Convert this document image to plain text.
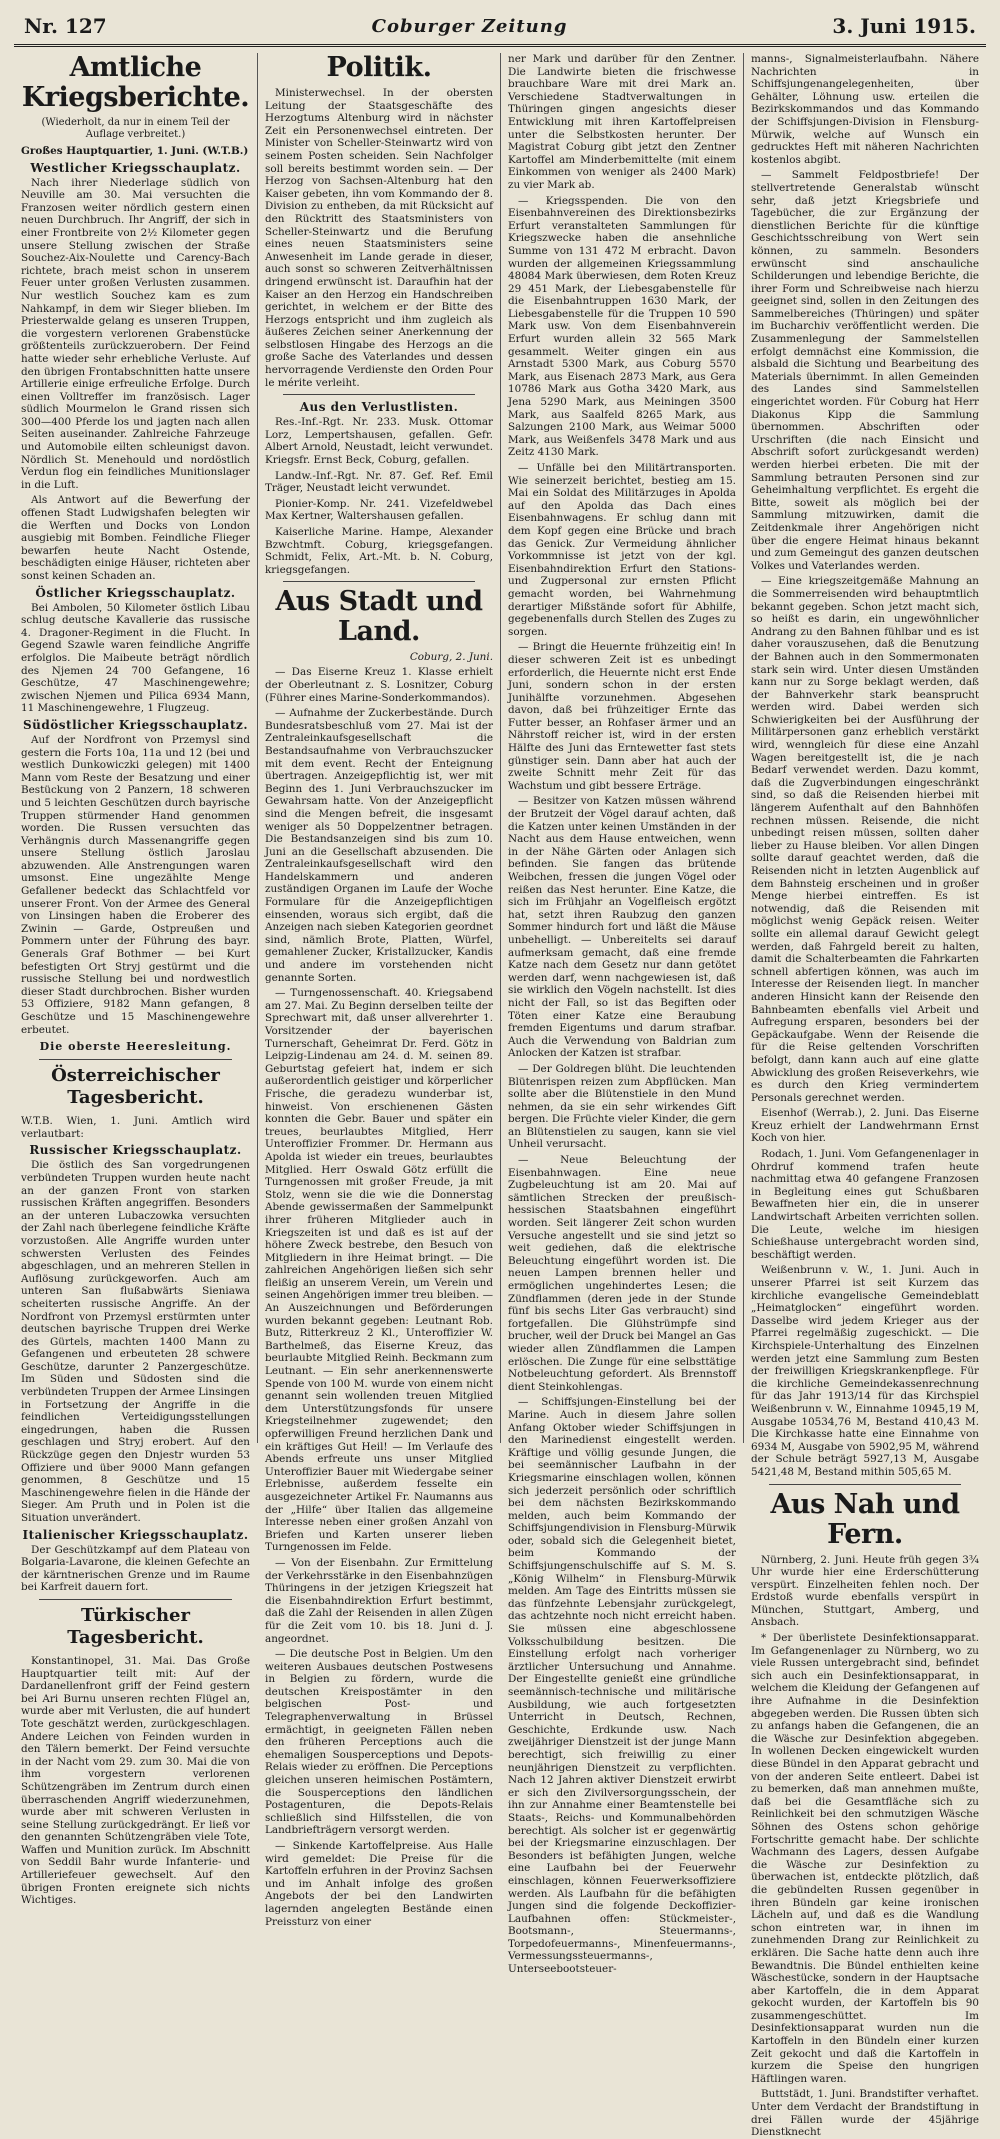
Nr. 127	Coburger Zeitung	3. Juni 1915.
Amtliche Kriegsberichte.
(Wiederholt, da nur in einem Teil der Auflage verbreitet.)

Großes Hauptquartier, 1. Juni. (W.T.B.)

Westlicher Kriegsschauplatz.

Nach ihrer Niederlage südlich von Neuville am 30. Mai versuchten die Franzosen weiter nördlich gestern einen neuen Durchbruch. Ihr Angriff, der sich in einer Frontbreite von 2½ Kilometer gegen unsere Stellung zwischen der Straße Souchez-Aix-Noulette und Carency-Bach richtete, brach meist schon in unserem Feuer unter großen Verlusten zusammen. Nur westlich Souchez kam es zum Nahkampf, in dem wir Sieger blieben. Im Priesterwalde gelang es unseren Truppen, die vorgestern verlorenen Grabenstücke größtenteils zurückzuerobern. Der Feind hatte wieder sehr erhebliche Verluste. Auf den übrigen Frontabschnitten hatte unsere Artillerie einige erfreuliche Erfolge. Durch einen Volltreffer im französisch. Lager südlich Mourmelon le Grand rissen sich 300—400 Pferde los und jagten nach allen Seiten auseinander. Zahlreiche Fahrzeuge und Automobile eilten schleunigst davon. Nördlich St. Menehould und nordöstlich Verdun flog ein feindliches Munitionslager in die Luft.

Als Antwort auf die Bewerfung der offenen Stadt Ludwigshafen belegten wir die Werften und Docks von London ausgiebig mit Bomben. Feindliche Flieger bewarfen heute Nacht Ostende, beschädigten einige Häuser, richteten aber sonst keinen Schaden an.

Östlicher Kriegsschauplatz.

Bei Ambolen, 50 Kilometer östlich Libau schlug deutsche Kavallerie das russische 4. Dragoner-Regiment in die Flucht. In Gegend Szawle waren feindliche Angriffe erfolglos. Die Maibeute beträgt nördlich des Njemen 24 700 Gefangene, 16 Geschütze, 47 Maschinengewehre; zwischen Njemen und Pilica 6934 Mann, 11 Maschinengewehre, 1 Flugzeug.

Südöstlicher Kriegsschauplatz.

Auf der Nordfront von Przemysl sind gestern die Forts 10a, 11a und 12 (bei und westlich Dunkowiczki gelegen) mit 1400 Mann vom Reste der Besatzung und einer Bestückung von 2 Panzern, 18 schweren und 5 leichten Geschützen durch bayrische Truppen stürmender Hand genommen worden. Die Russen versuchten das Verhängnis durch Massenangriffe gegen unsere Stellung östlich Jaroslau abzuwenden. Alle Anstrengungen waren umsonst. Eine ungezählte Menge Gefallener bedeckt das Schlachtfeld vor unserer Front. Von der Armee des General von Linsingen haben die Eroberer des Zwinin — Garde, Ostpreußen und Pommern unter der Führung des bayr. Generals Graf Bothmer — bei Kurt befestigten Ort Stryj gestürmt und die russische Stellung bei und nordwestlich dieser Stadt durchbrochen. Bisher wurden 53 Offiziere, 9182 Mann gefangen, 8 Geschütze und 15 Maschinengewehre erbeutet.

Die oberste Heeresleitung.
Österreichischer Tagesbericht.

W.T.B. Wien, 1. Juni. Amtlich wird verlautbart:

Russischer Kriegsschauplatz.

Die östlich des San vorgedrungenen verbündeten Truppen wurden heute nacht an der ganzen Front von starken russischen Kräften angegriffen. Besonders an der unteren Lubaczowka versuchten der Zahl nach überlegene feindliche Kräfte vorzustoßen. Alle Angriffe wurden unter schwersten Verlusten des Feindes abgeschlagen, und an mehreren Stellen in Auflösung zurückgeworfen. Auch am unteren San flußabwärts Sieniawa scheiterten russische Angriffe. An der Nordfront von Przemysl erstürmten unter deutschen bayrische Truppen drei Werke des Gürtels, machten 1400 Mann zu Gefangenen und erbeuteten 28 schwere Geschütze, darunter 2 Panzergeschütze. Im Süden und Südosten sind die verbündeten Truppen der Armee Linsingen in Fortsetzung der Angriffe in die feindlichen Verteidigungsstellungen eingedrungen, haben die Russen geschlagen und Stryj erobert. Auf den Rückzüge gegen den Dnjestr wurden 53 Offiziere und über 9000 Mann gefangen genommen, 8 Geschütze und 15 Maschinengewehre fielen in die Hände der Sieger. Am Pruth und in Polen ist die Situation unverändert.

Italienischer Kriegsschauplatz.

Der Geschützkampf auf dem Plateau von Bolgaria-Lavarone, die kleinen Gefechte an der kärntnerischen Grenze und im Raume bei Karfreit dauern fort.

Türkischer Tagesbericht.

Konstantinopel, 31. Mai. Das Große Hauptquartier teilt mit: Auf der Dardanellenfront griff der Feind gestern bei Ari Burnu unseren rechten Flügel an, wurde aber mit Verlusten, die auf hundert Tote geschätzt werden, zurückgeschlagen. Andere Leichen von Feinden wurden in den Tälern bemerkt. Der Feind versuchte in der Nacht vom 29. zum 30. Mai die von ihm vorgestern verlorenen Schützengräben im Zentrum durch einen überraschenden Angriff wiederzunehmen, wurde aber mit schweren Verlusten in seine Stellung zurückgedrängt. Er ließ vor den genannten Schützengräben viele Tote, Waffen und Munition zurück. Im Abschnitt von Seddil Bahr wurde Infanterie- und Artilleriefeuer gewechselt. Auf den übrigen Fronten ereignete sich nichts Wichtiges.

Politik.

Ministerwechsel. In der obersten Leitung der Staatsgeschäfte des Herzogtums Altenburg wird in nächster Zeit ein Personenwechsel eintreten. Der Minister von Scheller-Steinwartz wird von seinem Posten scheiden. Sein Nachfolger soll bereits bestimmt worden sein. — Der Herzog von Sachsen-Altenburg hat den Kaiser gebeten, ihn vom Kommando der 8. Division zu entheben, da mit Rücksicht auf den Rücktritt des Staatsministers von Scheller-Steinwartz und die Berufung eines neuen Staatsministers seine Anwesenheit im Lande gerade in dieser, auch sonst so schweren Zeitverhältnissen dringend erwünscht ist. Daraufhin hat der Kaiser an den Herzog ein Handschreiben gerichtet, in welchem er der Bitte des Herzogs entspricht und ihm zugleich als äußeres Zeichen seiner Anerkennung der selbstlosen Hingabe des Herzogs an die große Sache des Vaterlandes und dessen hervorragende Verdienste den Orden Pour le mérite verleiht.

Aus den Verlustlisten.

Res.-Inf.-Rgt. Nr. 233. Musk. Ottomar Lorz, Lempertshausen, gefallen. Gefr. Albert Arnold, Neustadt, leicht verwundet. Kriegsfr. Ernst Beck, Coburg, gefallen.

Landw.-Inf.-Rgt. Nr. 87. Gef. Ref. Emil Träger, Neustadt leicht verwundet.

Pionier-Komp. Nr. 241. Vizefeldwebel Max Kertner, Waltershausen gefallen.

Kaiserliche Marine. Hampe, Alexander Bzwchtmft. Coburg, kriegsgefangen. Schmidt, Felix, Art.-Mt. b. N. Coburg, kriegsgefangen.

Aus Stadt und Land.
Coburg, 2. Juni.

— Das Eiserne Kreuz 1. Klasse erhielt der Oberleutnant z. S. Losnitzer, Coburg (Führer eines Marine-Sonderkommandos).

— Aufnahme der Zuckerbestände. Durch Bundesratsbeschluß vom 27. Mai ist der Zentraleinkaufsgesellschaft die Bestandsaufnahme von Verbrauchszucker mit dem event. Recht der Enteignung übertragen. Anzeigepflichtig ist, wer mit Beginn des 1. Juni Verbrauchszucker im Gewahrsam hatte. Von der Anzeigepflicht sind die Mengen befreit, die insgesamt weniger als 50 Doppelzentner betragen. Die Bestandsanzeigen sind bis zum 10. Juni an die Gesellschaft abzusenden. Die Zentraleinkaufsgesellschaft wird den Handelskammern und anderen zuständigen Organen im Laufe der Woche Formulare für die Anzeigepflichtigen einsenden, woraus sich ergibt, daß die Anzeigen nach sieben Kategorien geordnet sind, nämlich Brote, Platten, Würfel, gemahlener Zucker, Kristallzucker, Kandis und andere im vorstehenden nicht genannte Sorten.

— Turngenossenschaft. 40. Kriegsabend am 27. Mai. Zu Beginn derselben teilte der Sprechwart mit, daß unser allverehrter 1. Vorsitzender der bayerischen Turnerschaft, Geheimrat Dr. Ferd. Götz in Leipzig-Lindenau am 24. d. M. seinen 89. Geburtstag gefeiert hat, indem er sich außerordentlich geistiger und körperlicher Frische, die geradezu wunderbar ist, hinweist. Von erschienenen Gästen konnten die Gebr. Bauer und später ein treues, beurlaubtes Mitglied, Herr Unteroffizier Frommer. Dr. Hermann aus Apolda ist wieder ein treues, beurlaubtes Mitglied. Herr Oswald Götz erfüllt die Turngenossen mit großer Freude, ja mit Stolz, wenn sie die wie die Donnerstag Abende gewissermaßen der Sammelpunkt ihrer früheren Mitglieder auch in Kriegszeiten ist und daß es ist auf der höhere Zweck bestrebe, den Besuch von Mitgliedern in ihre Heimat bringt. — Die zahlreichen Angehörigen ließen sich sehr fleißig an unserem Verein, um Verein und seinen Angehörigen immer treu bleiben. — An Auszeichnungen und Beförderungen wurden bekannt gegeben: Leutnant Rob. Butz, Ritterkreuz 2 Kl., Unteroffizier W. Barthelmeß, das Eiserne Kreuz, das beurlaubte Mitglied Reinh. Beckmann zum Leutnant. — Ein sehr anerkennenswerte Spende von 100 M. wurde von einem nicht genannt sein wollenden treuen Mitglied dem Unterstützungsfonds für unsere Kriegsteilnehmer zugewendet; den opferwilligen Freund herzlichen Dank und ein kräftiges Gut Heil! — Im Verlaufe des Abends erfreute uns unser Mitglied Unteroffizier Bauer mit Wiedergabe seiner Erlebnisse, außerdem fesselte ein ausgezeichneter Artikel Fr. Naumanns aus der „Hilfe“ über Italien das allgemeine Interesse neben einer großen Anzahl von Briefen und Karten unserer lieben Turngenossen im Felde.

— Von der Eisenbahn. Zur Ermittelung der Verkehrsstärke in den Eisenbahnzügen Thüringens in der jetzigen Kriegszeit hat die Eisenbahndirektion Erfurt bestimmt, daß die Zahl der Reisenden in allen Zügen für die Zeit vom 10. bis 18. Juni d. J. angeordnet.

— Die deutsche Post in Belgien. Um den weiteren Ausbaues deutschen Postwesens in Belgien zu fördern, wurde die deutschen Kreispostämter in den belgischen Post- und Telegraphenverwaltung in Brüssel ermächtigt, in geeigneten Fällen neben den früheren Perceptions auch die ehemaligen Sousperceptions und Depots-Relais wieder zu eröffnen. Die Perceptions gleichen unseren heimischen Postämtern, die Sousperceptions den ländlichen Postagenturen, die Depots-Relais schließlich sind Hilfsstellen, die von Landbriefträgern versorgt werden.

— Sinkende Kartoffelpreise. Aus Halle wird gemeldet: Die Preise für die Kartoffeln erfuhren in der Provinz Sachsen und im Anhalt infolge des großen Angebots der bei den Landwirten lagernden angelegten Bestände einen Preissturz von einer

ner Mark und darüber für den Zentner. Die Landwirte bieten die frischwesse brauchbare Ware mit drei Mark an. Verschiedene Stadtverwaltungen in Thüringen gingen angesichts dieser Entwicklung mit ihren Kartoffelpreisen unter die Selbstkosten herunter. Der Magistrat Coburg gibt jetzt den Zentner Kartoffel am Minderbemittelte (mit einem Einkommen von weniger als 2400 Mark) zu vier Mark ab.

— Kriegsspenden. Die von den Eisenbahnvereinen des Direktionsbezirks Erfurt veranstalteten Sammlungen für Kriegszwecke haben die ansehnliche Summe von 131 472 M erbracht. Davon wurden der allgemeinen Kriegssammlung 48084 Mark überwiesen, dem Roten Kreuz 29 451 Mark, der Liebesgabenstelle für die Eisenbahntruppen 1630 Mark, der Liebesgabenstelle für die Truppen 10 590 Mark usw. Von dem Eisenbahnverein Erfurt wurden allein 32 565 Mark gesammelt. Weiter gingen ein aus Arnstadt 5300 Mark, aus Coburg 5570 Mark, aus Eisenach 2873 Mark, aus Gera 10786 Mark aus Gotha 3420 Mark, aus Jena 5290 Mark, aus Meiningen 3500 Mark, aus Saalfeld 8265 Mark, aus Salzungen 2100 Mark, aus Weimar 5000 Mark, aus Weißenfels 3478 Mark und aus Zeitz 4130 Mark.

— Unfälle bei den Militärtransporten. Wie seinerzeit berichtet, bestieg am 15. Mai ein Soldat des Militärzuges in Apolda auf den Apolda das Dach eines Eisenbahnwagens. Er schlug dann mit dem Kopf gegen eine Brücke und brach das Genick. Zur Vermeidung ähnlicher Vorkommnisse ist jetzt von der kgl. Eisenbahndirektion Erfurt den Stations- und Zugpersonal zur ernsten Pflicht gemacht worden, bei Wahrnehmung derartiger Mißstände sofort für Abhilfe, gegebenenfalls durch Stellen des Zuges zu sorgen.

— Bringt die Heuernte frühzeitig ein! In dieser schweren Zeit ist es unbedingt erforderlich, die Heuernte nicht erst Ende Juni, sondern schon in der ersten Junihälfte vorzunehmen. Abgesehen davon, daß bei frühzeitiger Ernte das Futter besser, an Rohfaser ärmer und an Nährstoff reicher ist, wird in der ersten Hälfte des Juni das Erntewetter fast stets günstiger sein. Dann aber hat auch der zweite Schnitt mehr Zeit für das Wachstum und gibt bessere Erträge.

— Besitzer von Katzen müssen während der Brutzeit der Vögel darauf achten, daß die Katzen unter keinen Umständen in der Nacht aus dem Hause entweichen, wenn in der Nähe Gärten oder Anlagen sich befinden. Sie fangen das brütende Weibchen, fressen die jungen Vögel oder reißen das Nest herunter. Eine Katze, die sich im Frühjahr an Vogelfleisch ergötzt hat, setzt ihren Raubzug den ganzen Sommer hindurch fort und läßt die Mäuse unbehelligt. — Unbereitelts sei darauf aufmerksam gemacht, daß eine fremde Katze nach dem Gesetz nur dann getötet werden darf, wenn nachgewiesen ist, daß sie wirklich den Vögeln nachstellt. Ist dies nicht der Fall, so ist das Begiften oder Töten einer Katze eine Beraubung fremden Eigentums und darum strafbar. Auch die Verwendung von Baldrian zum Anlocken der Katzen ist strafbar.

— Der Goldregen blüht. Die leuchtenden Blütenrispen reizen zum Abpflücken. Man sollte aber die Blütenstiele in den Mund nehmen, da sie ein sehr wirkendes Gift bergen. Die Früchte vieler Kinder, die gern an Blütenstielen zu saugen, kann sie viel Unheil verursacht.

— Neue Beleuchtung der Eisenbahnwagen. Eine neue Zugbeleuchtung ist am 20. Mai auf sämtlichen Strecken der preußisch-hessischen Staatsbahnen eingeführt worden. Seit längerer Zeit schon wurden Versuche angestellt und sie sind jetzt so weit gediehen, daß die elektrische Beleuchtung eingeführt worden ist. Die neuen Lampen brennen heller und ermöglichen ungehindertes Lesen; die Zündflammen (deren jede in der Stunde fünf bis sechs Liter Gas verbraucht) sind fortgefallen. Die Glühstrümpfe sind brucher, weil der Druck bei Mangel an Gas wieder allen Zündflammen die Lampen erlöschen. Die Zunge für eine selbsttätige Notbeleuchtung gefordert. Als Brennstoff dient Steinkohlengas.

— Schiffsjungen-Einstellung bei der Marine. Auch in diesem Jahre sollen Anfang Oktober wieder Schiffsjungen in den Marinedienst eingestellt werden. Kräftige und völlig gesunde Jungen, die bei seemännischer Laufbahn in der Kriegsmarine einschlagen wollen, können sich jederzeit persönlich oder schriftlich bei dem nächsten Bezirkskommando melden, auch beim Kommando der Schiffsjungendivision in Flensburg-Mürwik oder, sobald sich die Gelegenheit bietet, beim Kommando der Schiffsjungenschulschiffe auf S. M. S. „König Wilhelm“ in Flensburg-Mürwik melden. Am Tage des Eintritts müssen sie das fünfzehnte Lebensjahr zurückgelegt, das achtzehnte noch nicht erreicht haben. Sie müssen eine abgeschlossene Volksschulbildung besitzen. Die Einstellung erfolgt nach vorheriger ärztlicher Untersuchung und Annahme. Der Eingestellte genießt eine gründliche seemännisch-technische und militärische Ausbildung, wie auch fortgesetzten Unterricht in Deutsch, Rechnen, Geschichte, Erdkunde usw. Nach zweijähriger Dienstzeit ist der junge Mann berechtigt, sich freiwillig zu einer neunjährigen Dienstzeit zu verpflichten. Nach 12 Jahren aktiver Dienstzeit erwirbt er sich den Zivilversorgungsschein, der ihn zur Annahme einer Beamtenstelle bei Staats-, Reichs- und Kommunalbehörden berechtigt. Als solcher ist er gegenwärtig bei der Kriegsmarine einzuschlagen. Der Besonders ist befähigten Jungen, welche eine Laufbahn bei der Feuerwehr einschlagen, können Feuerwerksoffiziere werden. Als Laufbahn für die befähigten Jungen sind die folgende Deckoffizier-Laufbahnen offen: Stückmeister-, Bootsmann-, Steuermanns-, Torpedofeuermanns-, Minenfeuermanns-, Vermessungssteuermanns-, Unterseebootsteuer-

manns-, Signalmeisterlaufbahn. Nähere Nachrichten in Schiffsjungenangelegenheiten, über Gehälter, Löhnung usw. erteilen die Bezirkskommandos und das Kommando der Schiffsjungen-Division in Flensburg-Mürwik, welche auf Wunsch ein gedrucktes Heft mit näheren Nachrichten kostenlos abgibt.

— Sammelt Feldpostbriefe! Der stellvertretende Generalstab wünscht sehr, daß jetzt Kriegsbriefe und Tagebücher, die zur Ergänzung der dienstlichen Berichte für die künftige Geschichtsschreibung von Wert sein können, zu sammeln. Besonders erwünscht sind anschauliche Schilderungen und lebendige Berichte, die ihrer Form und Schreibweise nach hierzu geeignet sind, sollen in den Zeitungen des Sammelbereiches (Thüringen) und später im Bucharchiv veröffentlicht werden. Die Zusammenlegung der Sammelstellen erfolgt demnächst eine Kommission, die alsbald die Sichtung und Bearbeitung des Materials übernimmt. In allen Gemeinden des Landes sind Sammelstellen eingerichtet worden. Für Coburg hat Herr Diakonus Kipp die Sammlung übernommen. Abschriften oder Urschriften (die nach Einsicht und Abschrift sofort zurückgesandt werden) werden hierbei erbeten. Die mit der Sammlung betrauten Personen sind zur Geheimhaltung verpflichtet. Es ergeht die Bitte, soweit als möglich bei der Sammlung mitzuwirken, damit die Zeitdenkmale ihrer Angehörigen nicht über die engere Heimat hinaus bekannt und zum Gemeingut des ganzen deutschen Volkes und Vaterlandes werden.

— Eine kriegszeitgemäße Mahnung an die Sommerreisenden wird behauptmtlich bekannt gegeben. Schon jetzt macht sich, so heißt es darin, ein ungewöhnlicher Andrang zu den Bahnen fühlbar und es ist daher vorauszusehen, daß die Benutzung der Bahnen auch in den Sommermonaten stark sein wird. Unter diesen Umständen kann nur zu Sorge beklagt werden, daß der Bahnverkehr stark beansprucht werden wird. Dabei werden sich Schwierigkeiten bei der Ausführung der Militärpersonen ganz erheblich verstärkt wird, wenngleich für diese eine Anzahl Wagen bereitgestellt ist, die je nach Bedarf verwendet werden. Dazu kommt, daß die Zugverbindungen eingeschränkt sind, so daß die Reisenden hierbei mit längerem Aufenthalt auf den Bahnhöfen rechnen müssen. Reisende, die nicht unbedingt reisen müssen, sollten daher lieber zu Hause bleiben. Vor allen Dingen sollte darauf geachtet werden, daß die Reisenden nicht in letzten Augenblick auf dem Bahnsteig erscheinen und in großer Menge hierbei eintreffen. Es ist notwendig, daß die Reisenden mit möglichst wenig Gepäck reisen. Weiter sollte ein allemal darauf Gewicht gelegt werden, daß Fahrgeld bereit zu halten, damit die Schalterbeamten die Fahrkarten schnell abfertigen können, was auch im Interesse der Reisenden liegt. In mancher anderen Hinsicht kann der Reisende den Bahnbeamten ebenfalls viel Arbeit und Aufregung ersparen, besonders bei der Gepäckaufgabe. Wenn der Reisende die für die Reise geltenden Vorschriften befolgt, dann kann auch auf eine glatte Abwicklung des großen Reiseverkehrs, wie es durch den Krieg vermindertem Personals gerechnet werden.

Eisenhof (Werrab.), 2. Juni. Das Eiserne Kreuz erhielt der Landwehrmann Ernst Koch von hier.

Rodach, 1. Juni. Vom Gefangenenlager in Ohrdruf kommend trafen heute nachmittag etwa 40 gefangene Franzosen in Begleitung eines gut Schußbaren Bewaffneten hier ein, die in unserer Landwirtschaft Arbeiten verrichten sollen. Die Leute, welche im hiesigen Schießhause untergebracht worden sind, beschäftigt werden.

Weißenbrunn v. W., 1. Juni. Auch in unserer Pfarrei ist seit Kurzem das kirchliche evangelische Gemeindeblatt „Heimatglocken“ eingeführt worden. Dasselbe wird jedem Krieger aus der Pfarrei regelmäßig zugeschickt. — Die Kirchspiele-Unterhaltung des Einzelnen werden jetzt eine Sammlung zum Besten der freiwilligen Kriegskrankenpflege. Für die kirchliche Gemeindekassenrechnung für das Jahr 1913/14 für das Kirchspiel Weißenbrunn v. W., Einnahme 10945,19 M, Ausgabe 10534,76 M, Bestand 410,43 M. Die Kirchkasse hatte eine Einnahme von 6934 M, Ausgabe von 5902,95 M, während der Schule beträgt 5927,13 M, Ausgabe 5421,48 M, Bestand mithin 505,65 M.

Aus Nah und Fern.

Nürnberg, 2. Juni. Heute früh gegen 3¾ Uhr wurde hier eine Erderschütterung verspürt. Einzelheiten fehlen noch. Der Erdstoß wurde ebenfalls verspürt in München, Stuttgart, Amberg, und Ansbach.

* Der überlistete Desinfektionsapparat. Im Gefangenenlager zu Nürnberg, wo zu viele Russen untergebracht sind, befindet sich auch ein Desinfektionsapparat, in welchem die Kleidung der Gefangenen auf ihre Aufnahme in die Desinfektion abgegeben werden. Die Russen übten sich zu anfangs haben die Gefangenen, die an die Wäsche zur Desinfektion abgegeben. In wollenen Decken eingewickelt wurden diese Bündel in den Apparat gebracht und von der anderen Seite entleert. Dabei ist zu bemerken, daß man annehmen mußte, daß bei die Gesamtfläche sich zu Reinlichkeit bei den schmutzigen Wäsche Söhnen des Ostens schon gehörige Fortschritte gemacht habe. Der schlichte Wachmann des Lagers, dessen Aufgabe die Wäsche zur Desinfektion zu überwachen ist, entdeckte plötzlich, daß die gebündelten Russen gegenüber in ihren Bündeln gar keine ironischen Lächeln auf, und daß es die Wandlung schon eintreten war, in ihnen im zunehmenden Drang zur Reinlichkeit zu erklären. Die Sache hatte denn auch ihre Bewandtnis. Die Bündel enthielten keine Wäschestücke, sondern in der Hauptsache aber Kartoffeln, die in dem Apparat gekocht wurden, der Kartoffeln bis 90 zusammengeschüttet. Im Desinfektionsapparat wurden nun die Kartoffeln in den Bündeln einer kurzen Zeit gekocht und daß die Kartoffeln in kurzem die Speise den hungrigen Häftlingen waren.

Buttstädt, 1. Juni. Brandstifter verhaftet. Unter dem Verdacht der Brandstiftung in drei Fällen wurde der 45jährige Dienstknecht
